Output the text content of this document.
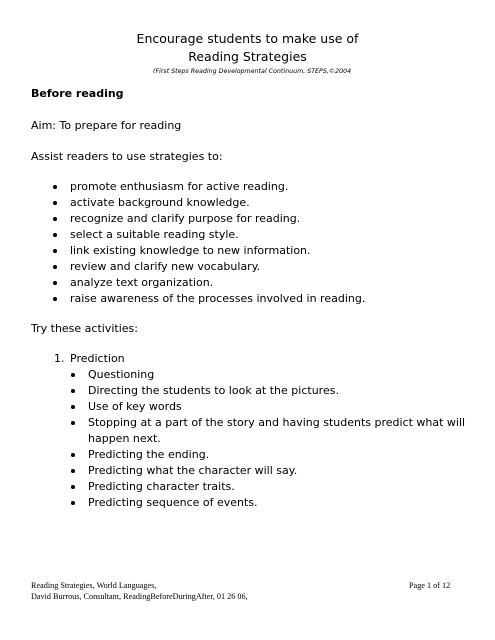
Encourage students to make use of
Reading Strategies
(First Steps Reading Developmental Continuum, STEPS,©2004
Before reading
Aim: To prepare for reading
Assist readers to use strategies to:
promote enthusiasm for active reading.
activate background knowledge.
recognize and clarify purpose for reading.
select a suitable reading style.
link existing knowledge to new information.
review and clarify new vocabulary.
analyze text organization.
raise awareness of the processes involved in reading.
Try these activities:
1. Prediction
Questioning
Directing the students to look at the pictures.
Use of key words
Stopping at a part of the story and having students predict what will
happen next.
Predicting the ending.
Predicting what the character will say.
Predicting character traits.
Predicting sequence of events.
Reading Strategies, World Languages,
David Burrous, Consultant, ReadingBeforeDuringAfter, 01 26 06,
Page 1 of 12
